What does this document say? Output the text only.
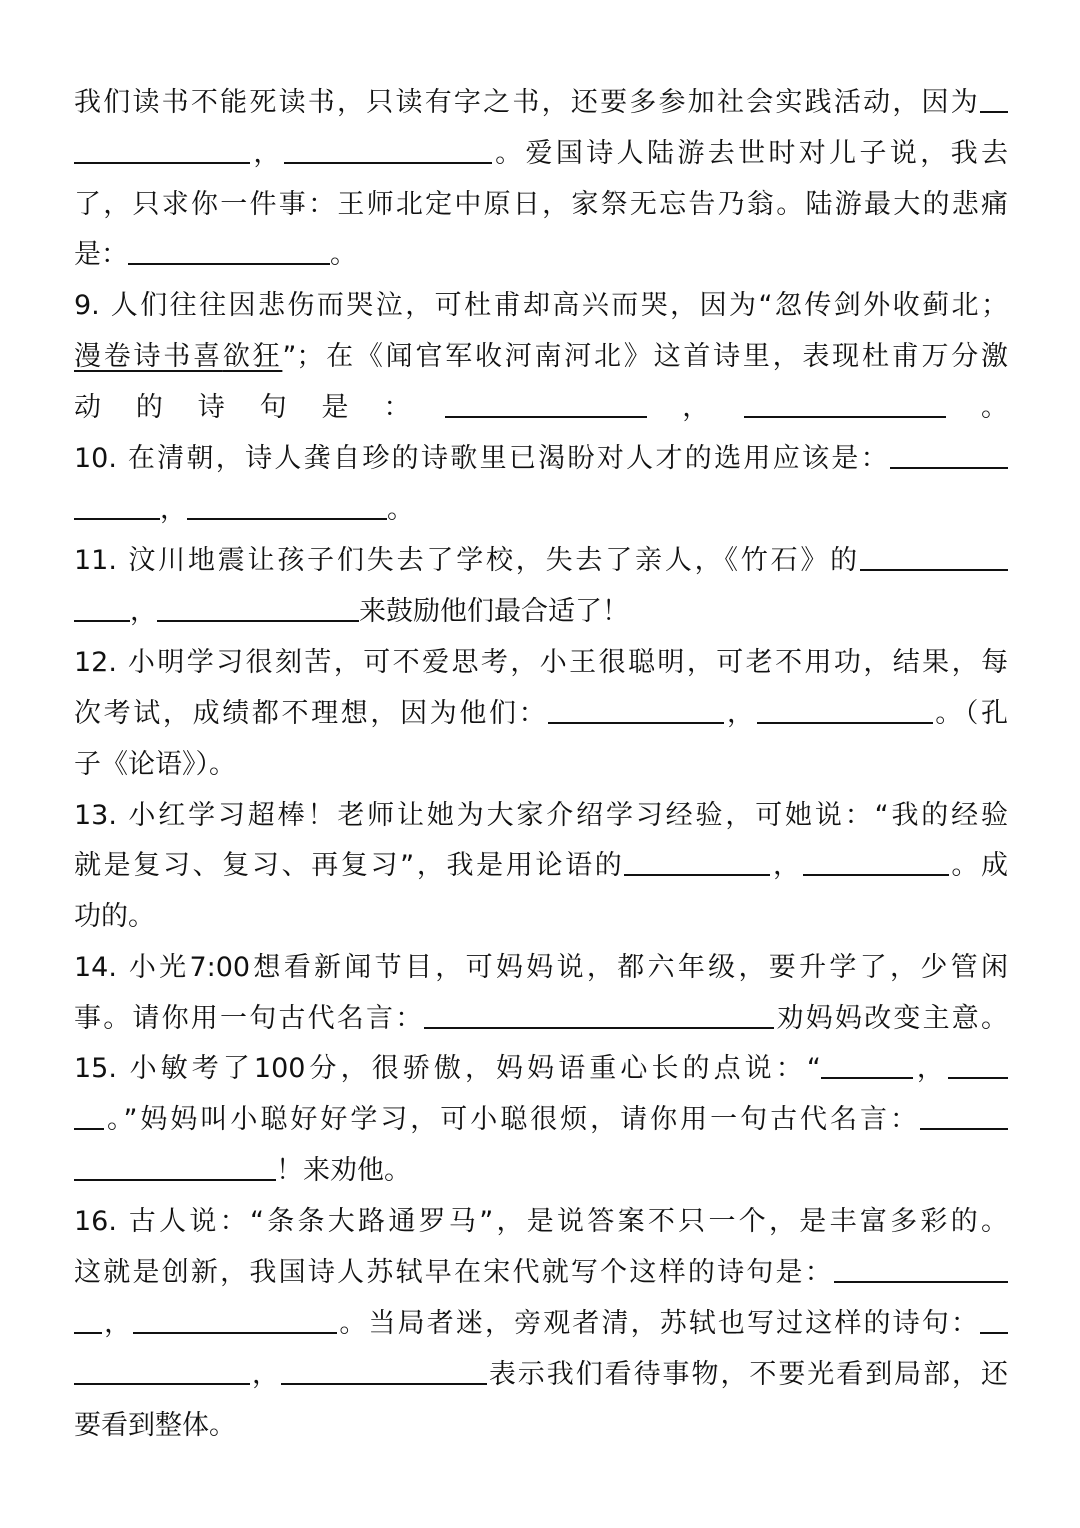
我们读书不能死读书，只读有字之书，还要多参加社会实践活动，因为
，	。爱国诗人陆游去世时对儿子说，我去
了，只求你一件事：王师北定中原日，家祭无忘告乃翁。陆游最大的悲痛
是：	。
9. 人们往往因悲伤而哭泣，可杜甫却高兴而哭，因为“忽传剑外收蓟北；
漫卷诗书喜欲狂”；在《闻官军收河南河北》这首诗里，表现杜甫万分激
动的诗句是：	，	。
10. 在清朝，诗人龚自珍的诗歌里已渴盼对人才的选用应该是：
，	。
11. 汶川地震让孩子们失去了学校，失去了亲人，《竹石》的
，	来鼓励他们最合适了！
12. 小明学习很刻苦，可不爱思考，小王很聪明，可老不用功，结果，每
次考试，成绩都不理想，因为他们：	，	。（孔
子《论语》）。
13. 小红学习超棒！老师让她为大家介绍学习经验，可她说：“我的经验
就是复习、复习、再复习”，我是用论语的	，	。成
功的。
14. 小光7:00想看新闻节目，可妈妈说，都六年级，要升学了，少管闲
事。请你用一句古代名言：	劝妈妈改变主意。
15. 小敏考了100分，很骄傲，妈妈语重心长的点说：“	，
。”妈妈叫小聪好好学习，可小聪很烦，请你用一句古代名言：
！来劝他。
16. 古人说：“条条大路通罗马”，是说答案不只一个，是丰富多彩的。
这就是创新，我国诗人苏轼早在宋代就写个这样的诗句是：
，	。当局者迷，旁观者清，苏轼也写过这样的诗句：
，	表示我们看待事物，不要光看到局部，还
要看到整体。
